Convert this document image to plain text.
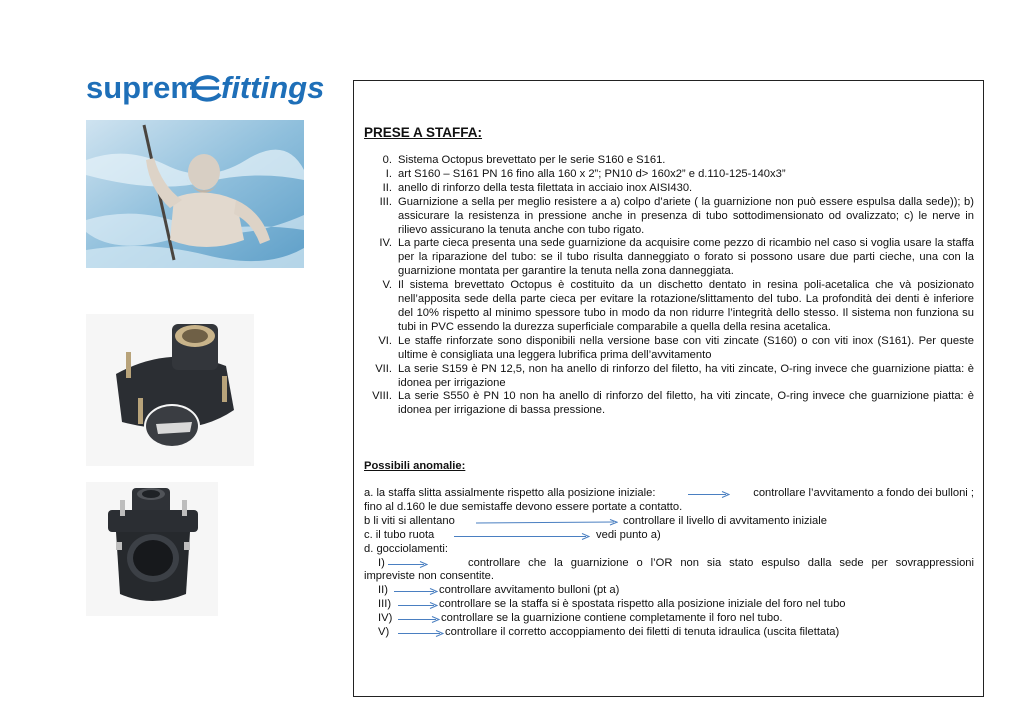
suprem fittings
PRESE A STAFFA:
0. Sistema Octopus brevettato per le serie S160 e S161.
I. art S160 – S161 PN 16 fino alla 160 x 2”; PN10 d> 160x2” e d.110-125-140x3”
II. anello di rinforzo della testa filettata in acciaio inox AISI430.
III. Guarnizione a sella per meglio resistere a a) colpo d’ariete ( la guarnizione non può essere espulsa dalla sede)); b) assicurare la resistenza in pressione anche in presenza di tubo sottodimensionato od ovalizzato; c) le nerve in rilievo assicurano la tenuta anche con tubo rigato.
IV. La parte cieca presenta una sede guarnizione da acquisire come pezzo di ricambio nel caso si voglia usare la staffa per la riparazione del tubo: se il tubo risulta danneggiato o forato si possono usare due parti cieche, una con la guarnizione montata per garantire la tenuta nella zona danneggiata.
V. Il sistema brevettato Octopus è costituito da un dischetto dentato in resina poli-acetalica che và posizionato nell’apposita sede della parte cieca per evitare la rotazione/slittamento del tubo. La profondità dei denti è inferiore del 10% rispetto al minimo spessore tubo in modo da non ridurre l’integrità dello stesso. Il sistema non funziona su tubi in PVC essendo la durezza superficiale comparabile a quella della resina acetalica.
VI. Le staffe rinforzate sono disponibili nella versione base con viti zincate (S160) o con viti inox (S161). Per queste ultime è consigliata una leggera lubrifica prima dell’avvitamento
VII. La serie S159 è PN 12,5, non ha anello di rinforzo del filetto, ha viti zincate, O-ring invece che guarnizione piatta: è idonea per irrigazione
VIII. La serie S550 è PN 10 non ha anello di rinforzo del filetto, ha viti zincate, O-ring invece che guarnizione piatta: è idonea per irrigazione di bassa pressione.
Possibili anomalie:
a. la staffa slitta assialmente rispetto alla posizione iniziale:	controllare l’avvitamento a fondo dei bulloni ;
fino al d.160 le due semistaffe devono essere portate a contatto.
b li viti si allentano	controllare il livello di avvitamento iniziale
c. il tubo ruota	vedi punto a)
d. gocciolamenti:
I)	controllare che la guarnizione o l’OR non sia stato espulso dalla sede per sovrappressioni
impreviste non consentite.
II)	controllare avvitamento bulloni (pt a)
III)	controllare se la staffa si è spostata rispetto alla posizione iniziale del foro nel tubo
IV)	controllare se la guarnizione contiene completamente il foro nel tubo.
V)	controllare il corretto accoppiamento dei filetti di tenuta idraulica (uscita filettata)
